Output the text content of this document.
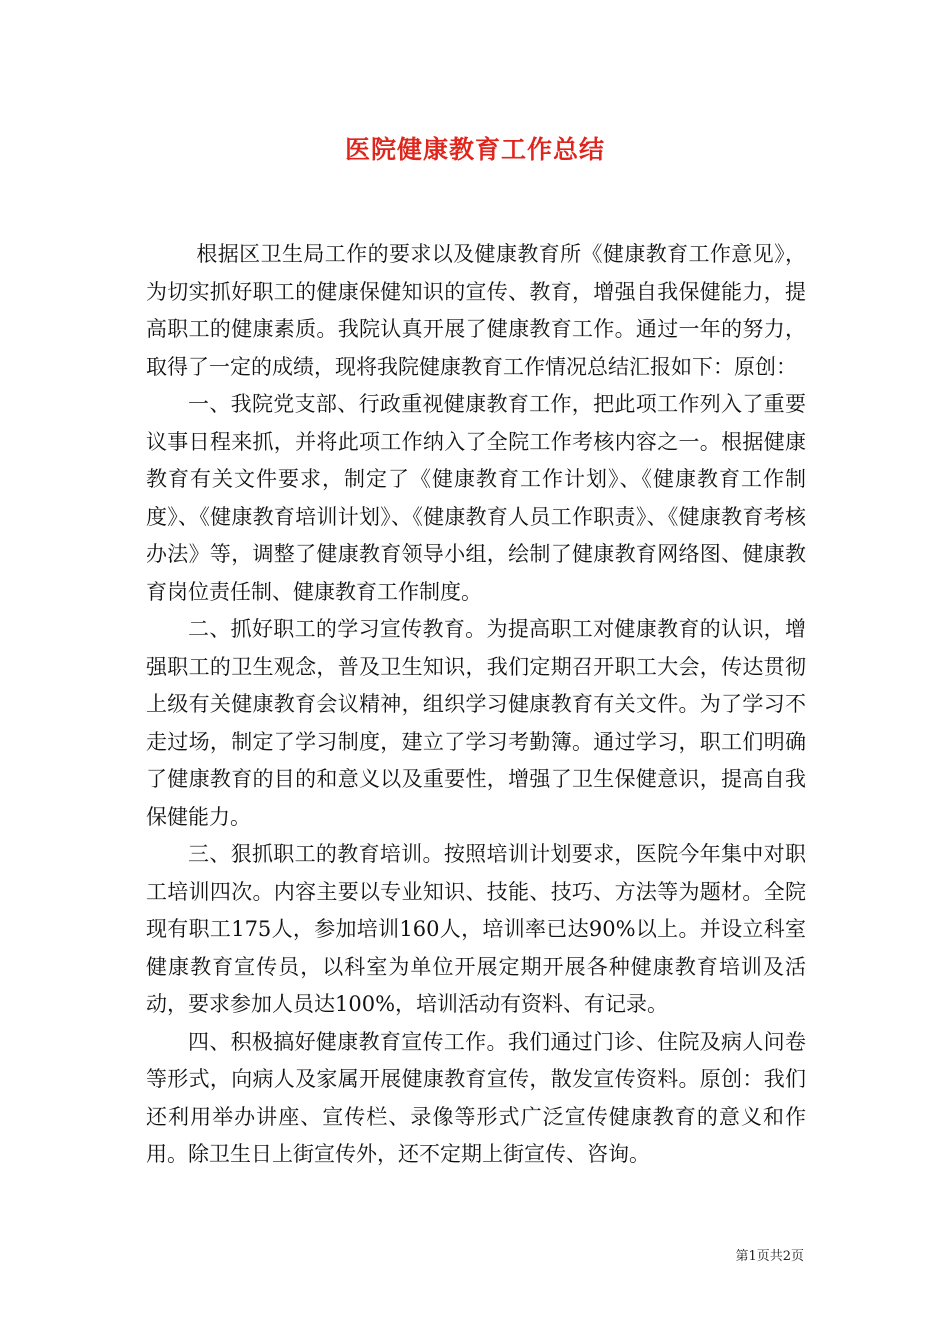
医院健康教育工作总结

根据区卫生局工作的要求以及健康教育所《健康教育工作意见》，为切实抓好职工的健康保健知识的宣传、教育，增强自我保健能力，提高职工的健康素质。我院认真开展了健康教育工作。通过一年的努力，取得了一定的成绩，现将我院健康教育工作情况总结汇报如下：原创：

一、我院党支部、行政重视健康教育工作，把此项工作列入了重要议事日程来抓，并将此项工作纳入了全院工作考核内容之一。根据健康教育有关文件要求，制定了《健康教育工作计划》、《健康教育工作制度》、《健康教育培训计划》、《健康教育人员工作职责》、《健康教育考核办法》等，调整了健康教育领导小组，绘制了健康教育网络图、健康教育岗位责任制、健康教育工作制度。

二、抓好职工的学习宣传教育。为提高职工对健康教育的认识，增强职工的卫生观念，普及卫生知识，我们定期召开职工大会，传达贯彻上级有关健康教育会议精神，组织学习健康教育有关文件。为了学习不走过场，制定了学习制度，建立了学习考勤簿。通过学习，职工们明确了健康教育的目的和意义以及重要性，增强了卫生保健意识，提高自我保健能力。

三、狠抓职工的教育培训。按照培训计划要求，医院今年集中对职工培训四次。内容主要以专业知识、技能、技巧、方法等为题材。全院现有职工175人，参加培训160人，培训率已达90%以上。并设立科室健康教育宣传员，以科室为单位开展定期开展各种健康教育培训及活动，要求参加人员达100%，培训活动有资料、有记录。

四、积极搞好健康教育宣传工作。我们通过门诊、住院及病人问卷等形式，向病人及家属开展健康教育宣传，散发宣传资料。原创：我们还利用举办讲座、宣传栏、录像等形式广泛宣传健康教育的意义和作用。除卫生日上街宣传外，还不定期上街宣传、咨询。

第1页共2页
